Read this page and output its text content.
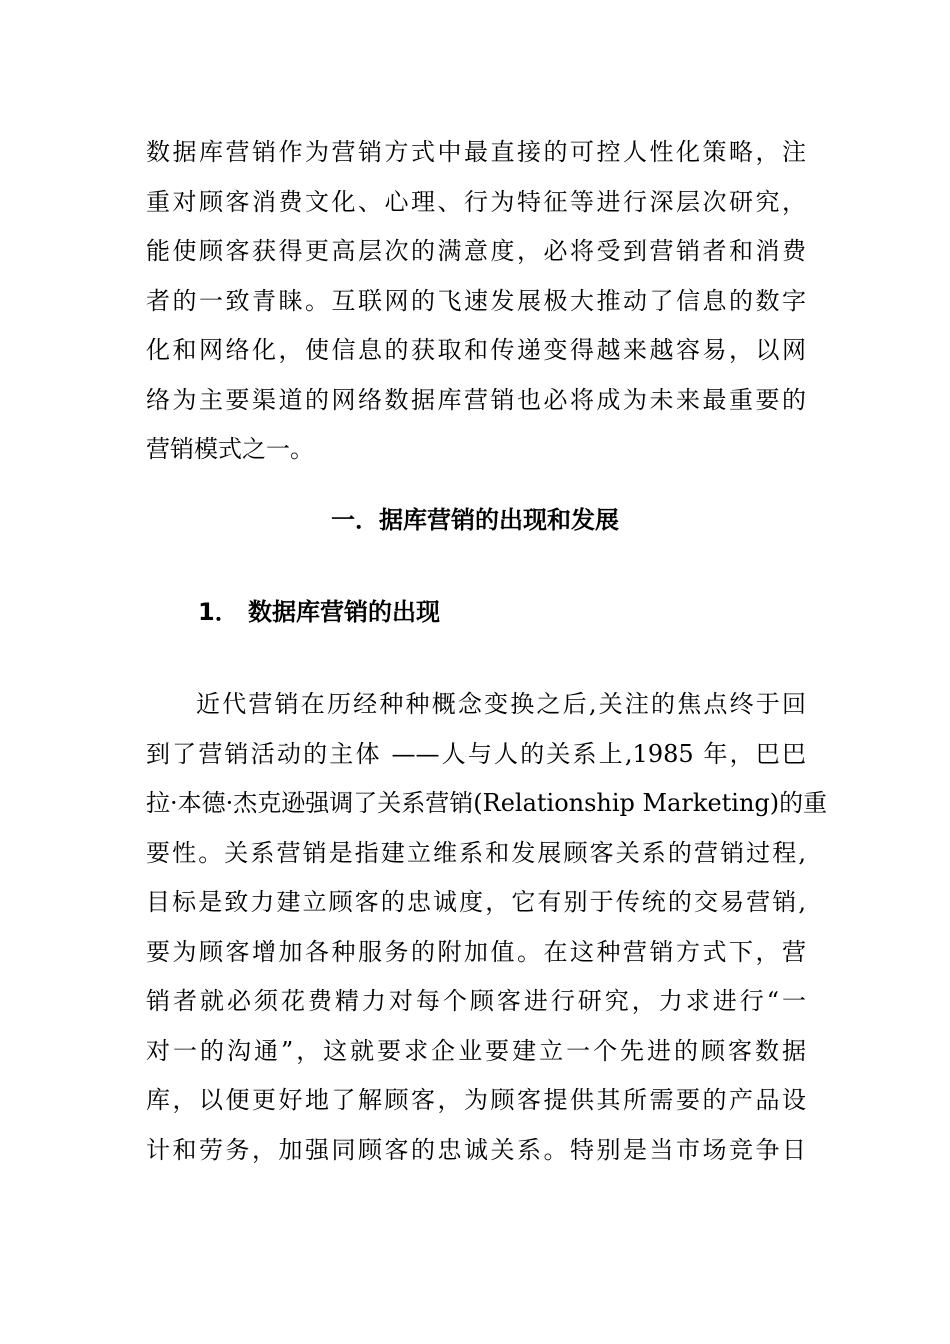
数据库营销作为营销方式中最直接的可控人性化策略，注
重对顾客消费文化、心理、行为特征等进行深层次研究，
能使顾客获得更高层次的满意度，必将受到营销者和消费
者的一致青睐。互联网的飞速发展极大推动了信息的数字
化和网络化，使信息的获取和传递变得越来越容易，以网
络为主要渠道的网络数据库营销也必将成为未来最重要的
营销模式之一。
一．据库营销的出现和发展
1． 数据库营销的出现
近代营销在历经种种概念变换之后,关注的焦点终于回
到了营销活动的主体 ——人与人的关系上,1985 年，巴巴
拉·本德·杰克逊强调了关系营销(Relationship Marketing)的重
要性。关系营销是指建立维系和发展顾客关系的营销过程,
目标是致力建立顾客的忠诚度，它有别于传统的交易营销,
要为顾客增加各种服务的附加值。在这种营销方式下，营
销者就必须花费精力对每个顾客进行研究，力求进行“一
对一的沟通”，这就要求企业要建立一个先进的顾客数据
库，以便更好地了解顾客，为顾客提供其所需要的产品设
计和劳务，加强同顾客的忠诚关系。特别是当市场竞争日
